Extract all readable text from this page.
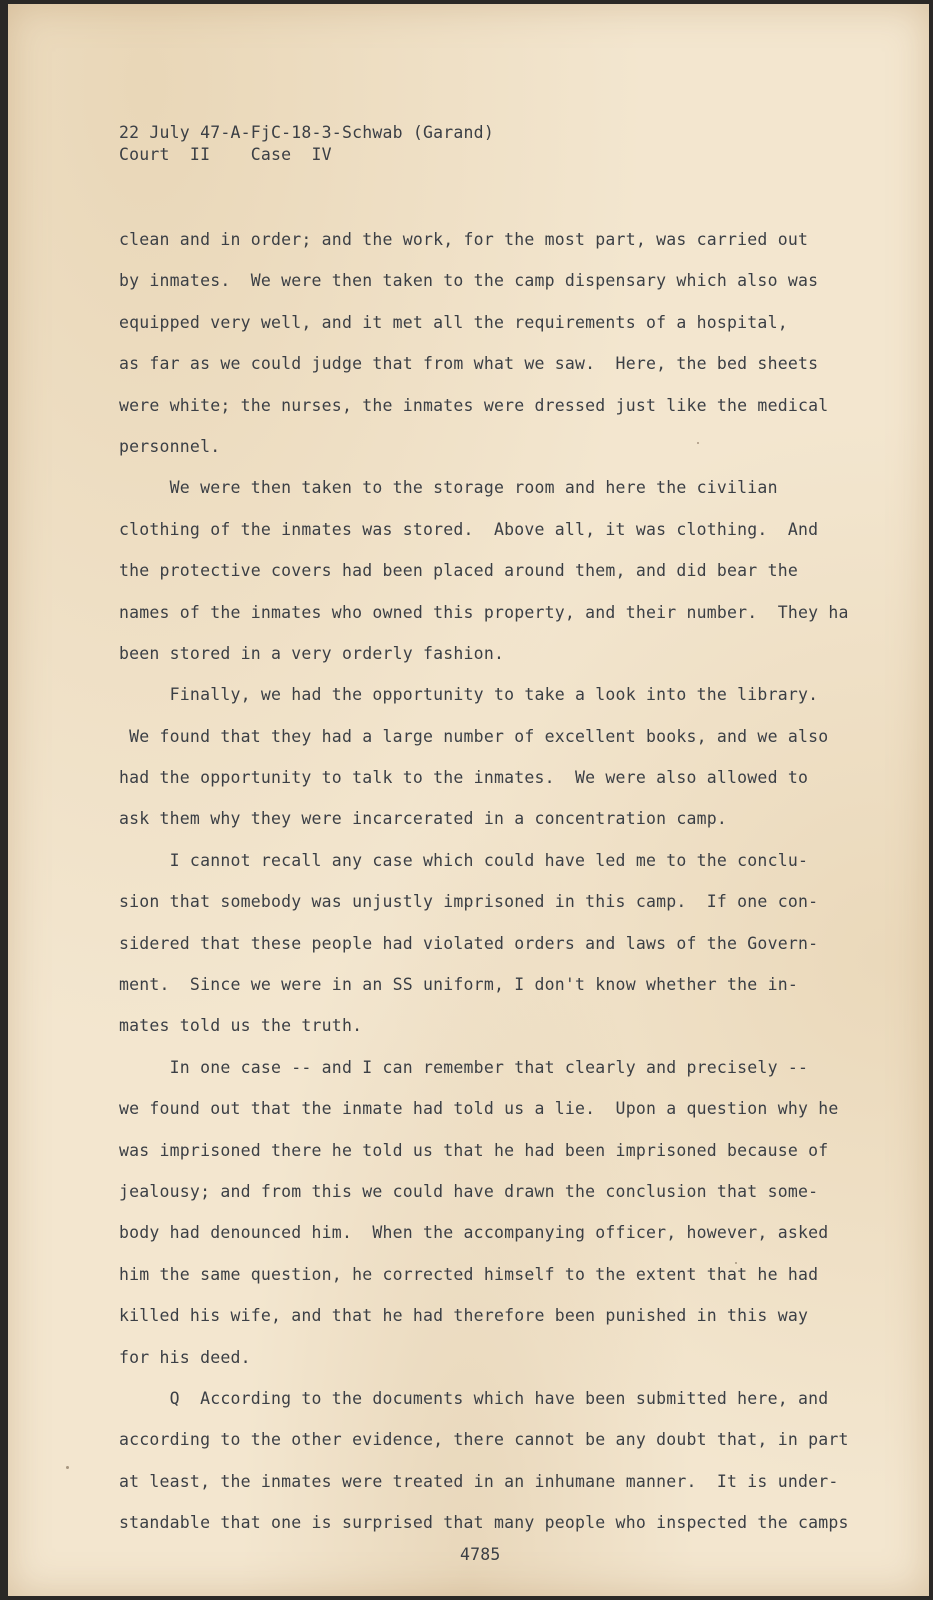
22 July 47-A-FjC-18-3-Schwab (Garand)
Court  II    Case  IV
clean and in order; and the work, for the most part, was carried out
by inmates.  We were then taken to the camp dispensary which also was
equipped very well, and it met all the requirements of a hospital,
as far as we could judge that from what we saw.  Here, the bed sheets
were white; the nurses, the inmates were dressed just like the medical
personnel.
We were then taken to the storage room and here the civilian
clothing of the inmates was stored.  Above all, it was clothing.  And
the protective covers had been placed around them, and did bear the
names of the inmates who owned this property, and their number.  They ha
been stored in a very orderly fashion.
Finally, we had the opportunity to take a look into the library.
We found that they had a large number of excellent books, and we also
had the opportunity to talk to the inmates.  We were also allowed to
ask them why they were incarcerated in a concentration camp.
I cannot recall any case which could have led me to the conclu-
sion that somebody was unjustly imprisoned in this camp.  If one con-
sidered that these people had violated orders and laws of the Govern-
ment.  Since we were in an SS uniform, I don't know whether the in-
mates told us the truth.
In one case -- and I can remember that clearly and precisely --
we found out that the inmate had told us a lie.  Upon a question why he
was imprisoned there he told us that he had been imprisoned because of
jealousy; and from this we could have drawn the conclusion that some-
body had denounced him.  When the accompanying officer, however, asked
him the same question, he corrected himself to the extent that he had
killed his wife, and that he had therefore been punished in this way
for his deed.
Q  According to the documents which have been submitted here, and
according to the other evidence, there cannot be any doubt that, in part
at least, the inmates were treated in an inhumane manner.  It is under-
standable that one is surprised that many people who inspected the camps
4785
